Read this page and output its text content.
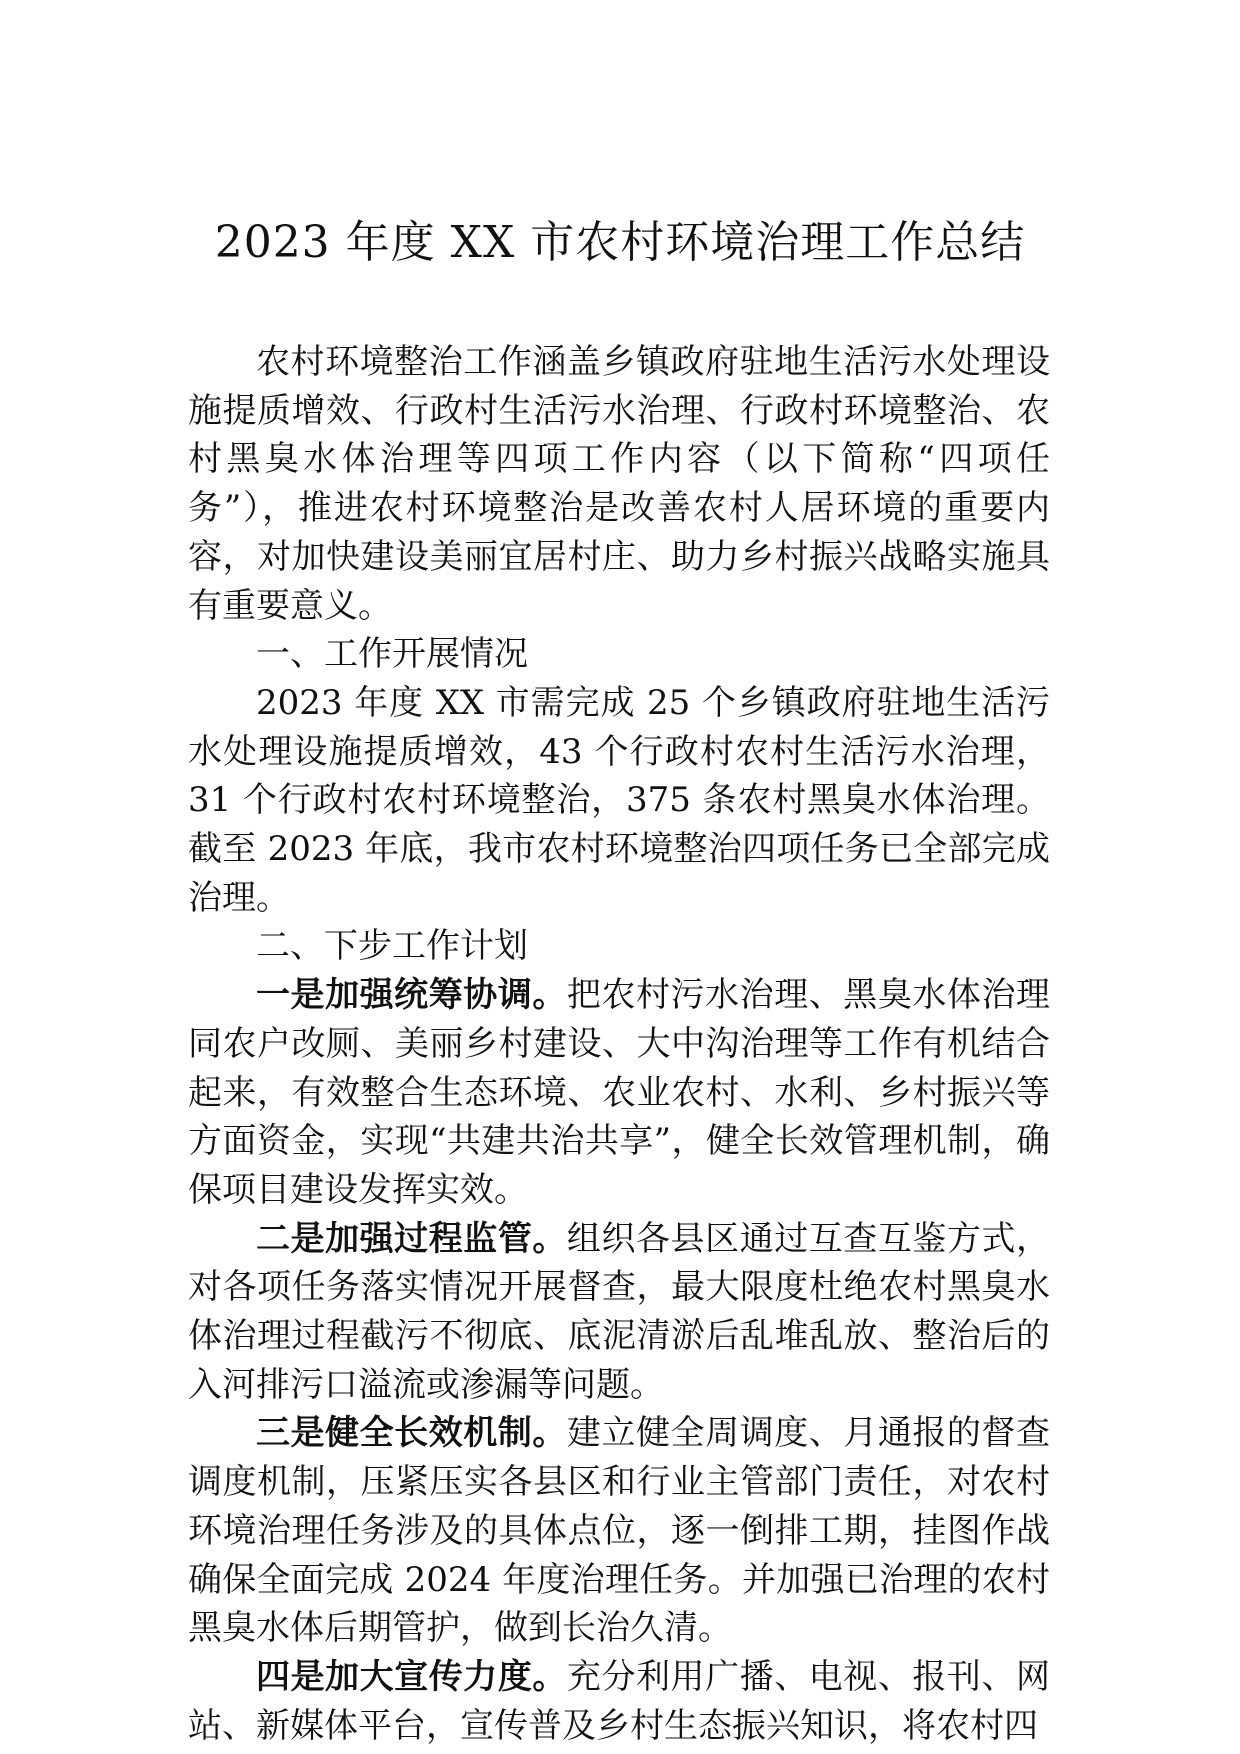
2023 年度 XX 市农村环境治理工作总结

农村环境整治工作涵盖乡镇政府驻地生活污水处理设施提质增效、行政村生活污水治理、行政村环境整治、农村黑臭水体治理等四项工作内容（以下简称“四项任务”），推进农村环境整治是改善农村人居环境的重要内容，对加快建设美丽宜居村庄、助力乡村振兴战略实施具有重要意义。

一、工作开展情况

2023 年度 XX 市需完成 25 个乡镇政府驻地生活污水处理设施提质增效，43 个行政村农村生活污水治理，31 个行政村农村环境整治，375 条农村黑臭水体治理。截至 2023 年底，我市农村环境整治四项任务已全部完成治理。

二、下步工作计划

一是加强统筹协调。把农村污水治理、黑臭水体治理同农户改厕、美丽乡村建设、大中沟治理等工作有机结合起来，有效整合生态环境、农业农村、水利、乡村振兴等方面资金，实现“共建共治共享”，健全长效管理机制，确保项目建设发挥实效。

二是加强过程监管。组织各县区通过互查互鉴方式，对各项任务落实情况开展督查，最大限度杜绝农村黑臭水体治理过程截污不彻底、底泥清淤后乱堆乱放、整治后的入河排污口溢流或渗漏等问题。

三是健全长效机制。建立健全周调度、月通报的督查调度机制，压紧压实各县区和行业主管部门责任，对农村环境治理任务涉及的具体点位，逐一倒排工期，挂图作战确保全面完成 2024 年度治理任务。并加强已治理的农村黑臭水体后期管护，做到长治久清。

四是加大宣传力度。充分利用广播、电视、报刊、网站、新媒体平台，宣传普及乡村生态振兴知识，将农村四
